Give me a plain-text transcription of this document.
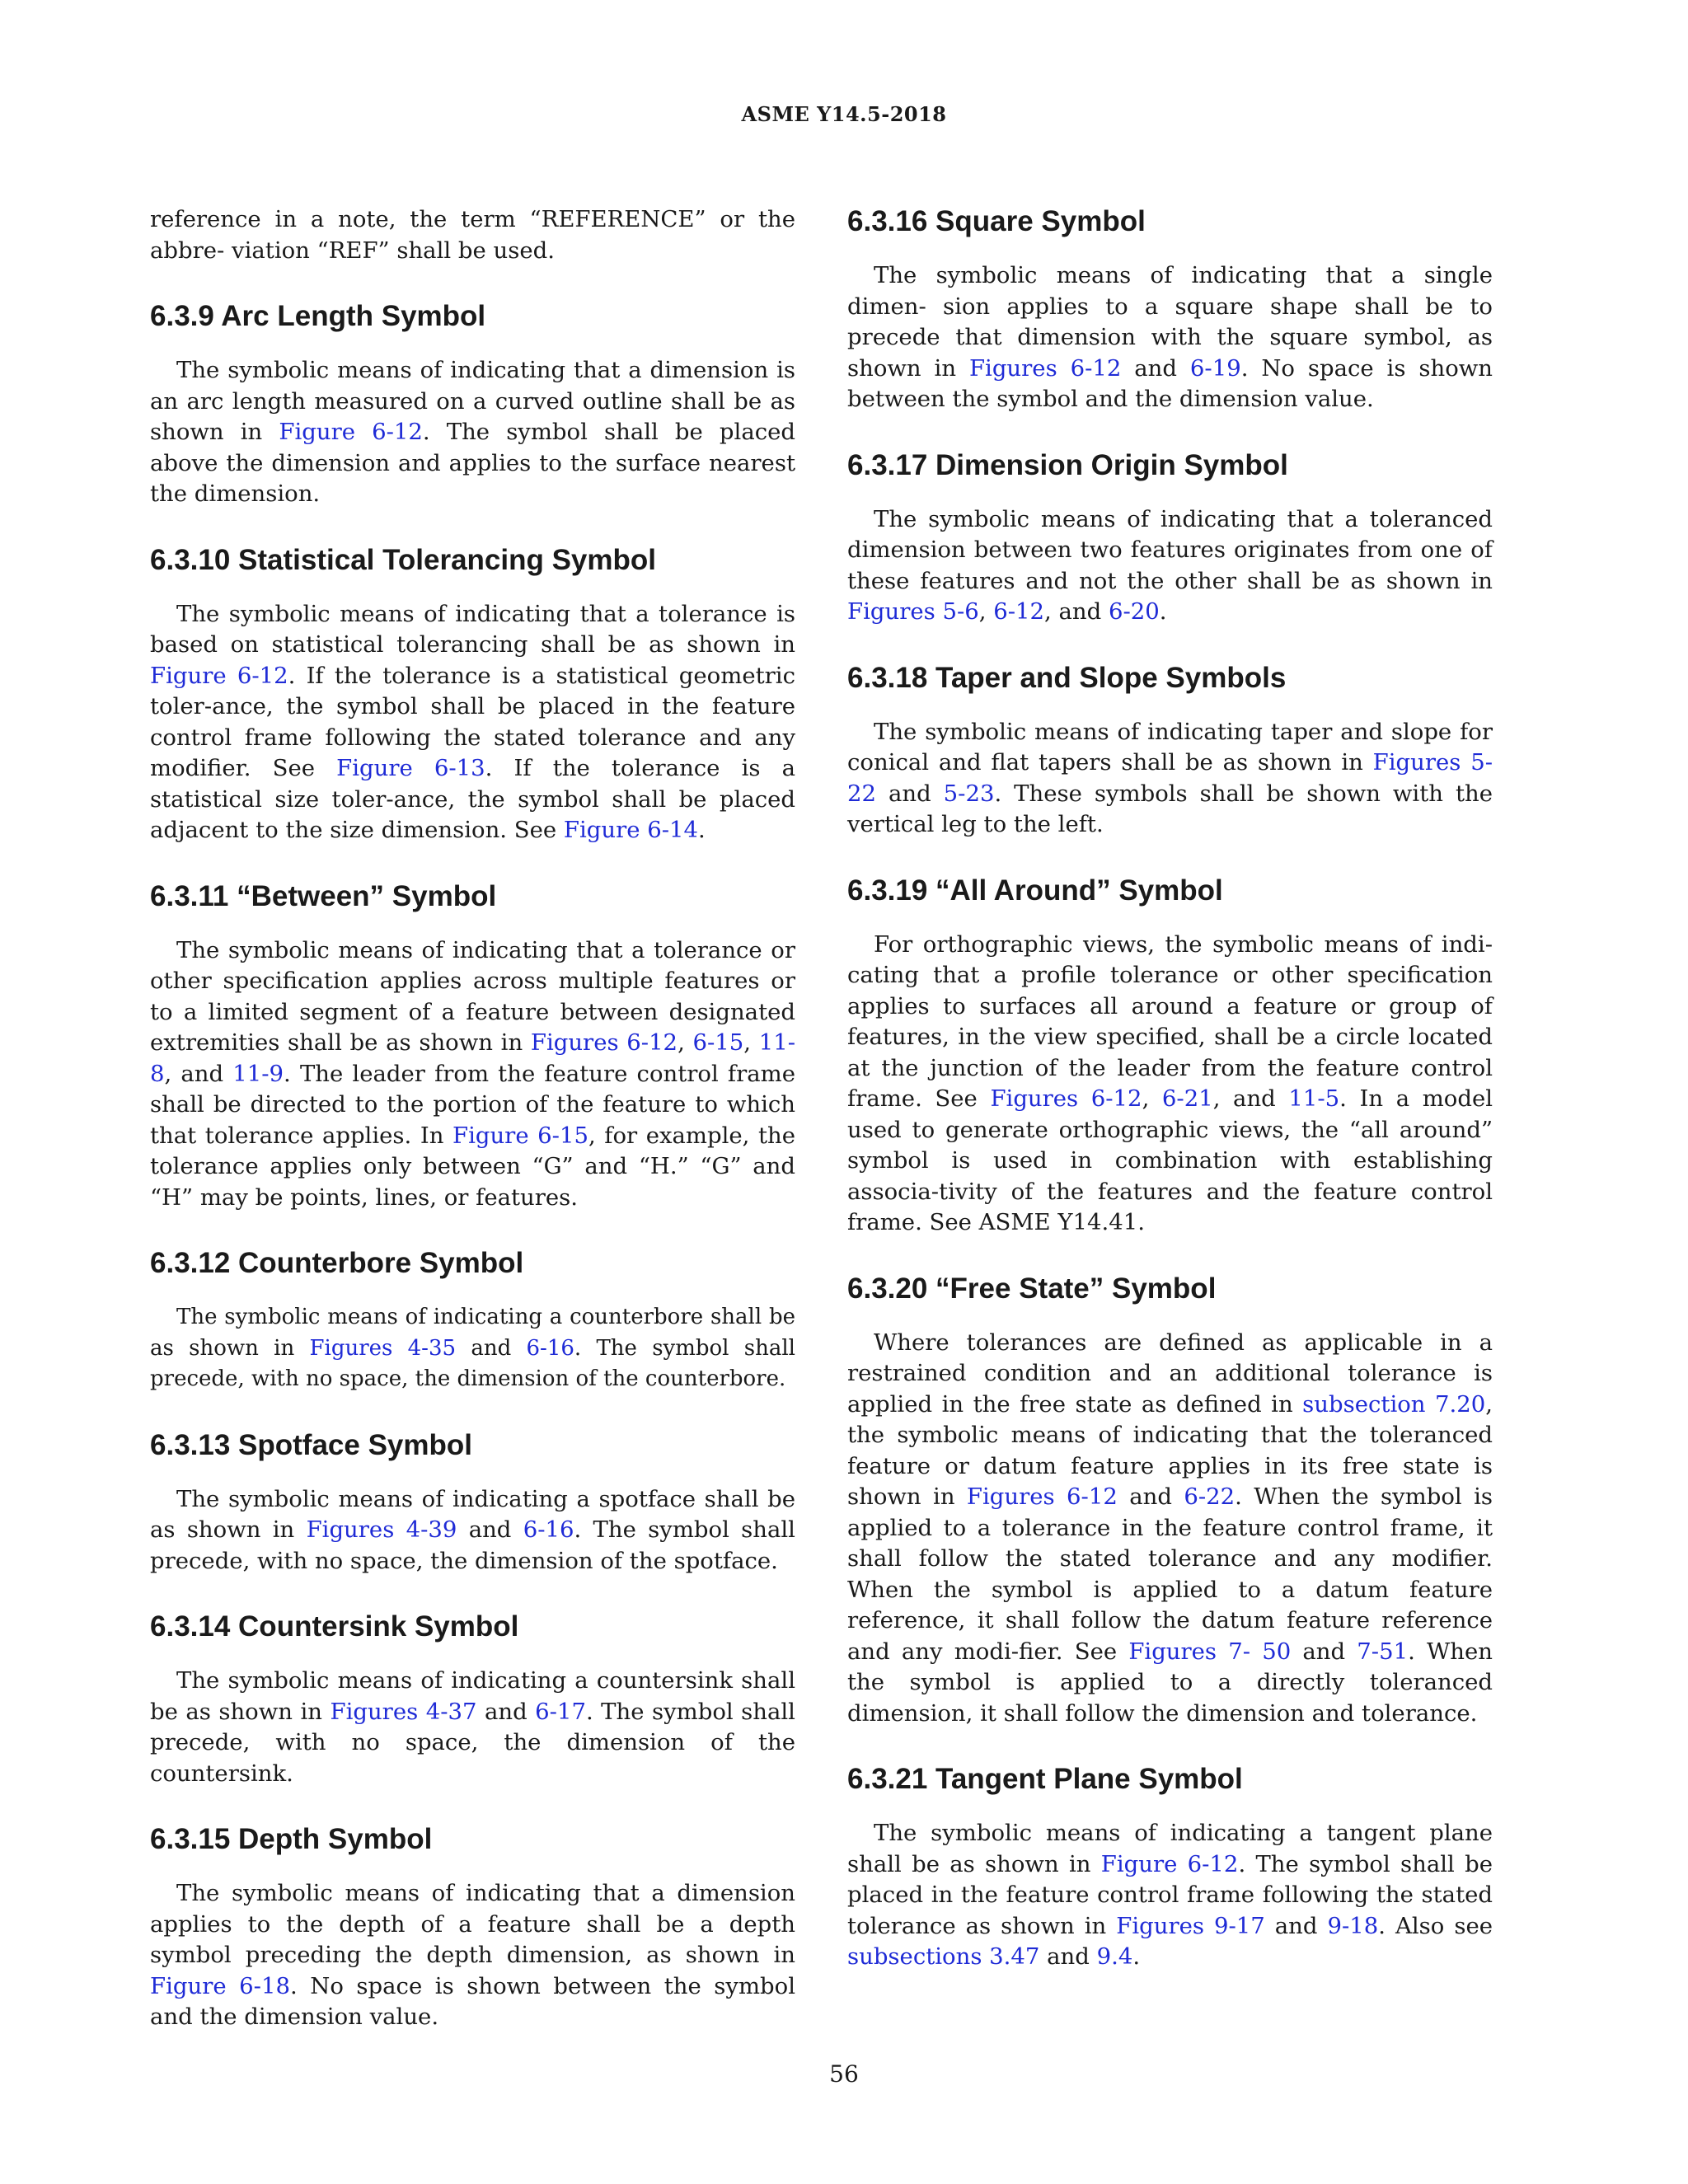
ASME Y14.5-2018

reference in a note, the term “REFERENCE” or the abbre- viation “REF” shall be used.

6.3.9 Arc Length Symbol

The symbolic means of indicating that a dimension is an arc length measured on a curved outline shall be as shown in Figure 6-12. The symbol shall be placed above the dimension and applies to the surface nearest the dimension.

6.3.10 Statistical Tolerancing Symbol

The symbolic means of indicating that a tolerance is based on statistical tolerancing shall be as shown in Figure 6-12. If the tolerance is a statistical geometric toler-ance, the symbol shall be placed in the feature control frame following the stated tolerance and any modifier. See Figure 6-13. If the tolerance is a statistical size toler-ance, the symbol shall be placed adjacent to the size dimension. See Figure 6-14.

6.3.11 “Between” Symbol

The symbolic means of indicating that a tolerance or other specification applies across multiple features or to a limited segment of a feature between designated extremities shall be as shown in Figures 6-12, 6-15, 11-8, and 11-9. The leader from the feature control frame shall be directed to the portion of the feature to which that tolerance applies. In Figure 6-15, for example, the tolerance applies only between “G” and “H.” “G” and “H” may be points, lines, or features.

6.3.12 Counterbore Symbol

The symbolic means of indicating a counterbore shall be as shown in Figures 4-35 and 6-16. The symbol shall precede, with no space, the dimension of the counterbore.

6.3.13 Spotface Symbol

The symbolic means of indicating a spotface shall be as shown in Figures 4-39 and 6-16. The symbol shall precede, with no space, the dimension of the spotface.

6.3.14 Countersink Symbol

The symbolic means of indicating a countersink shall be as shown in Figures 4-37 and 6-17. The symbol shall precede, with no space, the dimension of the countersink.

6.3.15 Depth Symbol

The symbolic means of indicating that a dimension applies to the depth of a feature shall be a depth symbol preceding the depth dimension, as shown in Figure 6-18. No space is shown between the symbol and the dimension value.

6.3.16 Square Symbol

The symbolic means of indicating that a single dimen- sion applies to a square shape shall be to precede that dimension with the square symbol, as shown in Figures 6-12 and 6-19. No space is shown between the symbol and the dimension value.

6.3.17 Dimension Origin Symbol

The symbolic means of indicating that a toleranced dimension between two features originates from one of these features and not the other shall be as shown in Figures 5-6, 6-12, and 6-20.

6.3.18 Taper and Slope Symbols

The symbolic means of indicating taper and slope for conical and flat tapers shall be as shown in Figures 5-22 and 5-23. These symbols shall be shown with the vertical leg to the left.

6.3.19 “All Around” Symbol

For orthographic views, the symbolic means of indi- cating that a profile tolerance or other specification applies to surfaces all around a feature or group of features, in the view specified, shall be a circle located at the junction of the leader from the feature control frame. See Figures 6-12, 6-21, and 11-5. In a model used to generate orthographic views, the “all around” symbol is used in combination with establishing associa-tivity of the features and the feature control frame. See ASME Y14.41.

6.3.20 “Free State” Symbol

Where tolerances are defined as applicable in a restrained condition and an additional tolerance is applied in the free state as defined in subsection 7.20, the symbolic means of indicating that the toleranced feature or datum feature applies in its free state is shown in Figures 6-12 and 6-22. When the symbol is applied to a tolerance in the feature control frame, it shall follow the stated tolerance and any modifier. When the symbol is applied to a datum feature reference, it shall follow the datum feature reference and any modi-fier. See Figures 7- 50 and 7-51. When the symbol is applied to a directly toleranced dimension, it shall follow the dimension and tolerance.

6.3.21 Tangent Plane Symbol

The symbolic means of indicating a tangent plane shall be as shown in Figure 6-12. The symbol shall be placed in the feature control frame following the stated tolerance as shown in Figures 9-17 and 9-18. Also see subsections 3.47 and 9.4.

56
